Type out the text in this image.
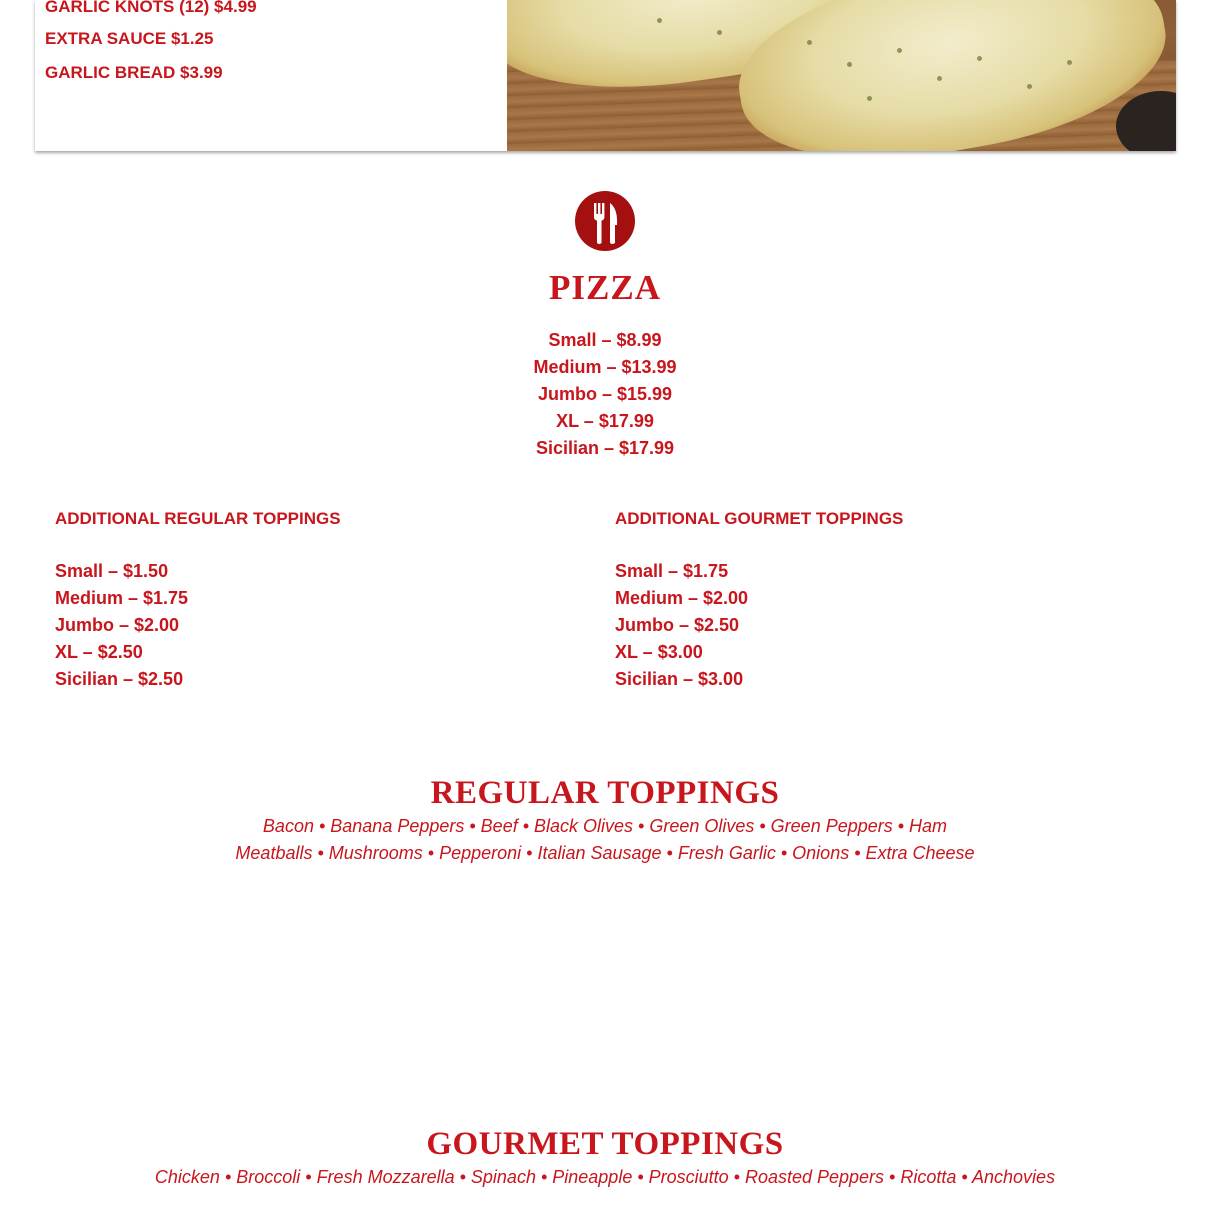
GARLIC KNOTS (12) $4.99
EXTRA SAUCE $1.25
GARLIC BREAD $3.99
PIZZA
Small – $8.99
Medium – $13.99
Jumbo – $15.99
XL – $17.99
Sicilian – $17.99
ADDITIONAL REGULAR TOPPINGS
Small – $1.50
Medium – $1.75
Jumbo – $2.00
XL – $2.50
Sicilian – $2.50
ADDITIONAL GOURMET TOPPINGS
Small – $1.75
Medium – $2.00
Jumbo – $2.50
XL – $3.00
Sicilian – $3.00
REGULAR TOPPINGS
Bacon • Banana Peppers • Beef • Black Olives • Green Olives • Green Peppers • Ham
Meatballs • Mushrooms • Pepperoni • Italian Sausage • Fresh Garlic • Onions • Extra Cheese
GOURMET TOPPINGS
Chicken • Broccoli • Fresh Mozzarella • Spinach • Pineapple • Prosciutto • Roasted Peppers • Ricotta • Anchovies
